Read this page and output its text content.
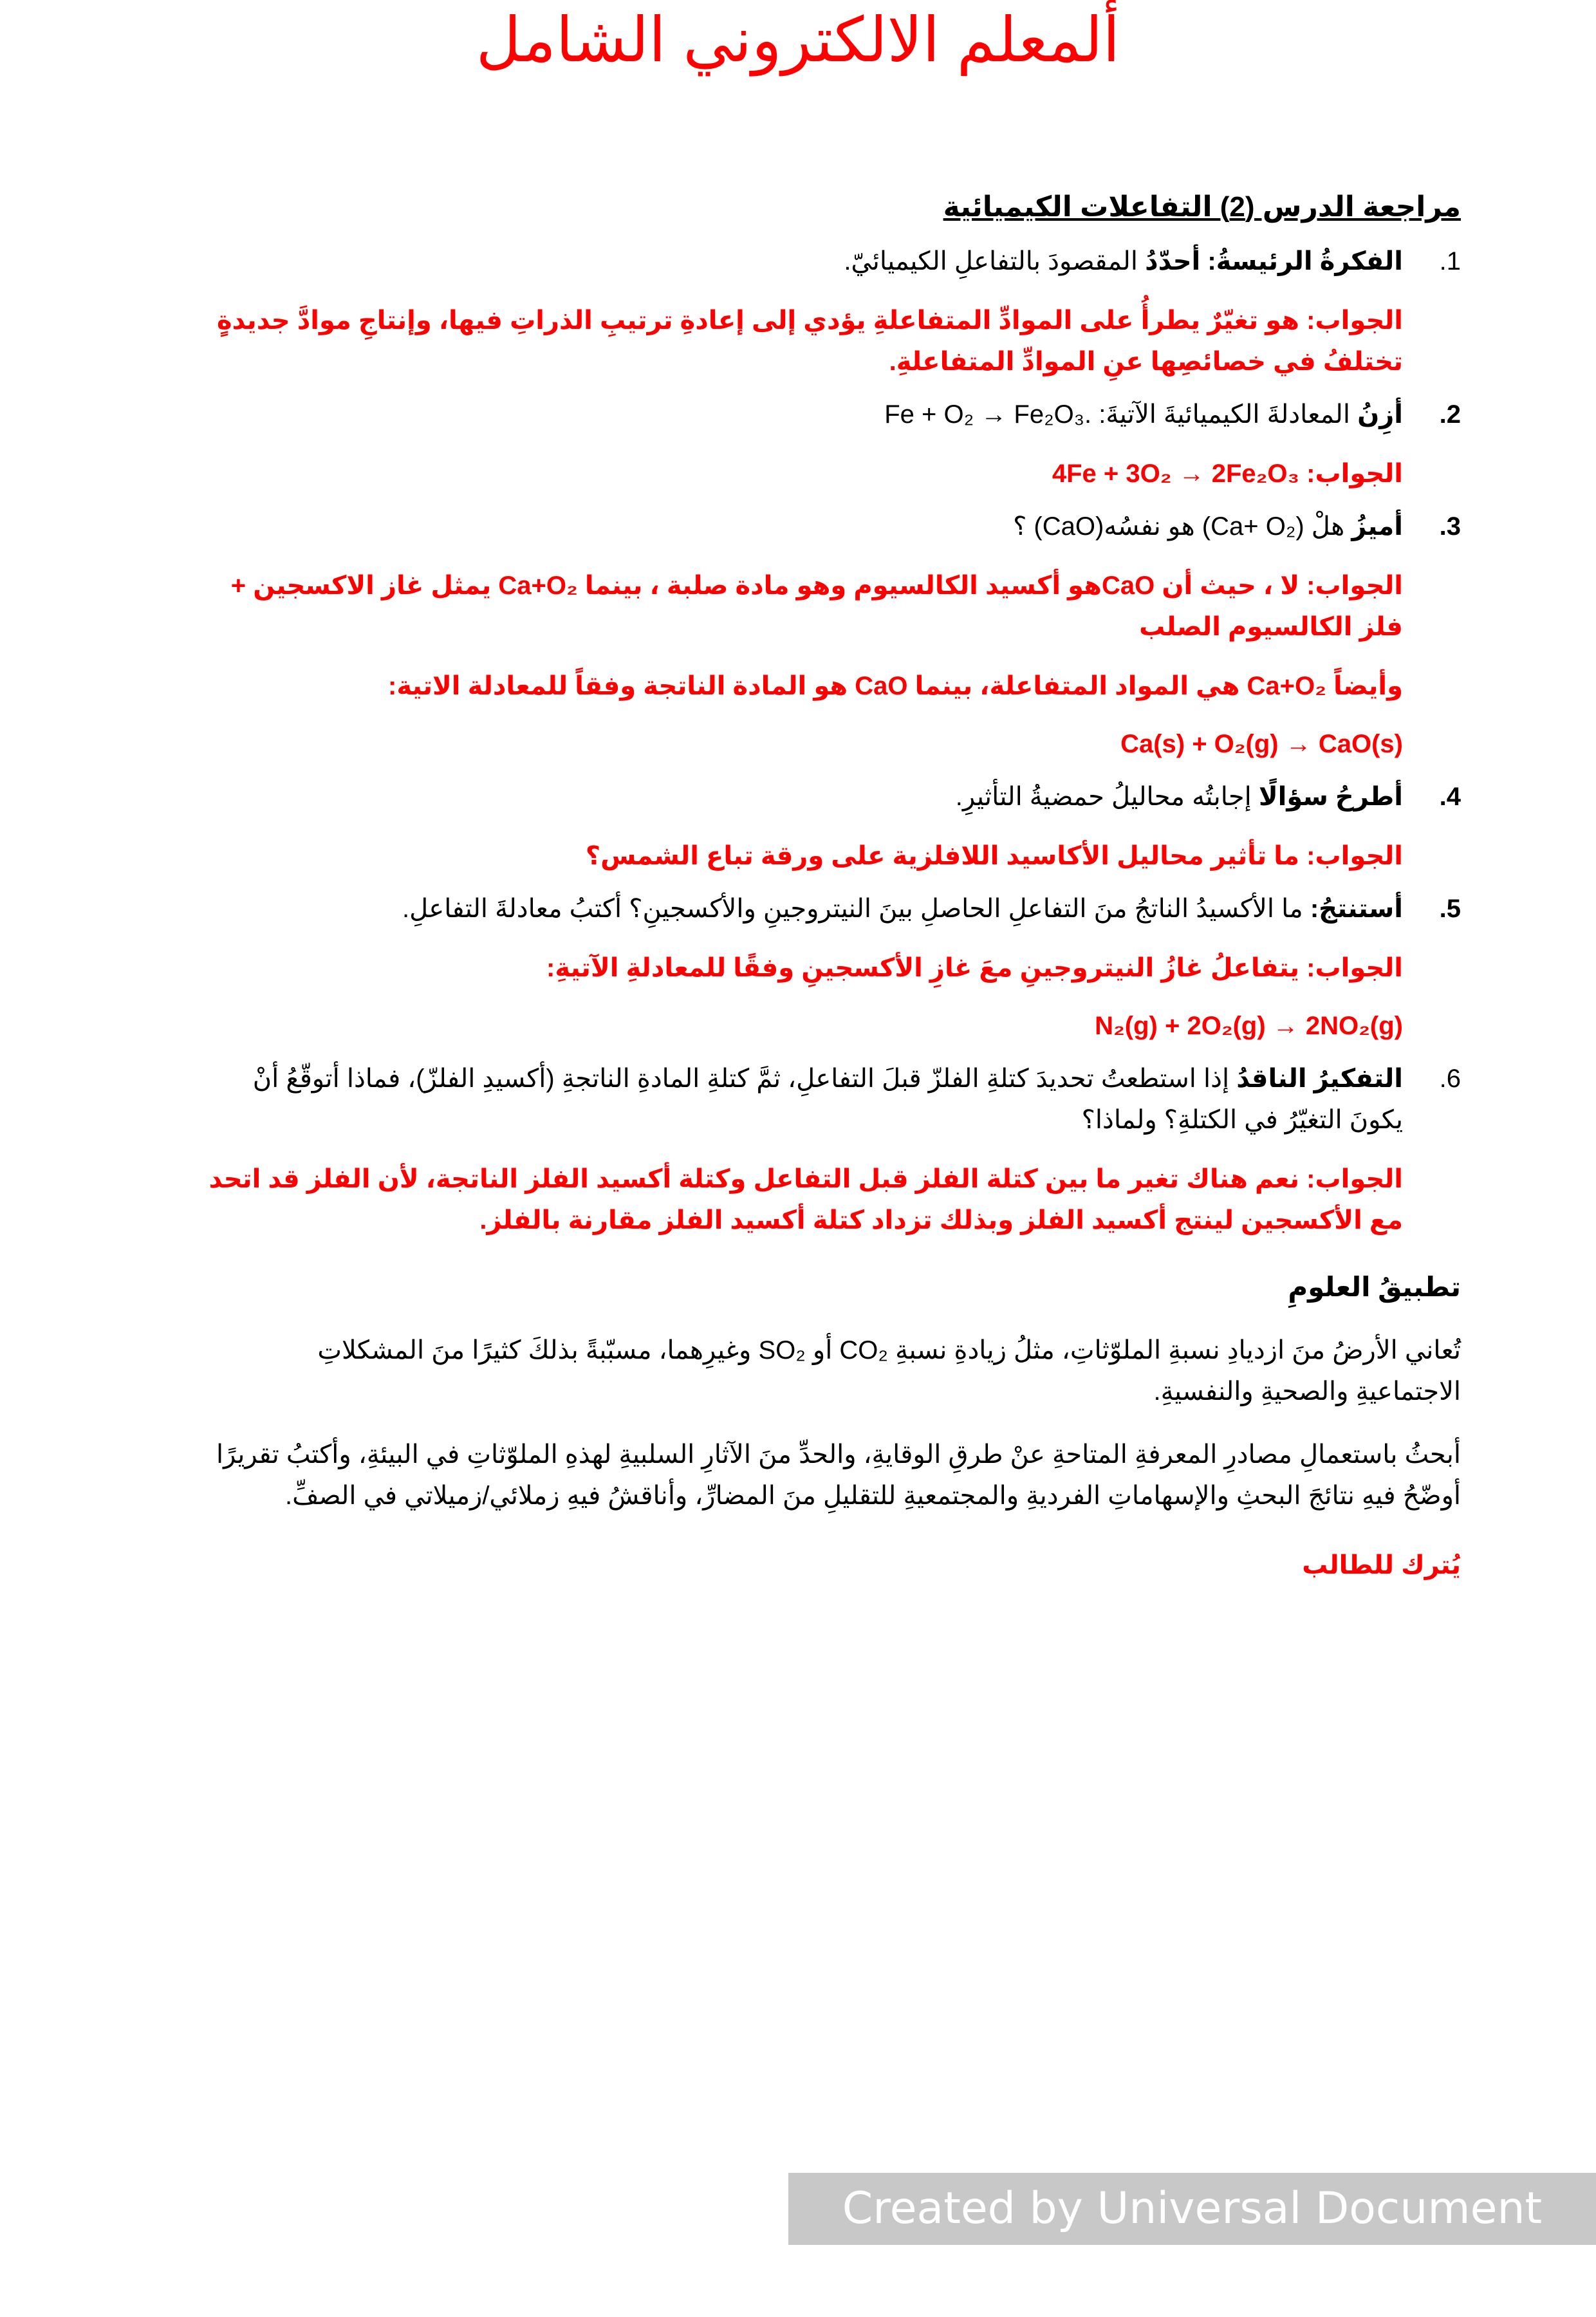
ألمعلم الالكتروني الشامل
مراجعة الدرس (2) التفاعلات الكيميائية
.1
الفكرةُ الرئيسةُ: أحدّدُ المقصودَ بالتفاعلِ الكيميائيّ.
الجواب: هو تغيّرٌ يطرأُ على الموادِّ المتفاعلةِ يؤدي إلى إعادةِ ترتيبِ الذراتِ فيها، وإنتاجِ موادَّ جديدةٍ تختلفُ في خصائصِها عنِ الموادِّ المتفاعلةِ.
.2
أزِنُ المعادلةَ الكيميائيةَ الآتيةَ: Fe + O₂ → Fe₂O₃.
الجواب: 4Fe + 3O₂ → 2Fe₂O₃
.3
أميزُ هلْ (Ca+ O₂) هو نفسُه(CaO) ؟
الجواب: لا ، حيث أن CaOهو أكسيد الكالسيوم وهو مادة صلبة ، بينما Ca+O₂ يمثل غاز الاكسجين + فلز الكالسيوم الصلب
وأيضاً Ca+O₂ هي المواد المتفاعلة، بينما CaO هو المادة الناتجة وفقاً للمعادلة الاتية:
Ca(s) + O₂(g) → CaO(s)
.4
أطرحُ سؤالًا إجابتُه محاليلُ حمضيةُ التأثيرِ.
الجواب: ما تأثير محاليل الأكاسيد اللافلزية على ورقة تباع الشمس؟
.5
أستنتجُ: ما الأكسيدُ الناتجُ منَ التفاعلِ الحاصلِ بينَ النيتروجينِ والأكسجينِ؟ أكتبُ معادلةَ التفاعلِ.
الجواب: يتفاعلُ غازُ النيتروجينِ معَ غازِ الأكسجينِ وفقًا للمعادلةِ الآتيةِ:
N₂(g) + 2O₂(g) → 2NO₂(g)
.6
التفكيرُ الناقدُ إذا استطعتُ تحديدَ كتلةِ الفلزّ قبلَ التفاعلِ، ثمَّ كتلةِ المادةِ الناتجةِ (أكسيدِ الفلزّ)، فماذا أتوقّعُ أنْ يكونَ التغيّرُ في الكتلةِ؟ ولماذا؟
الجواب: نعم هناك تغير ما بين كتلة الفلز قبل التفاعل وكتلة أكسيد الفلز الناتجة، لأن الفلز قد اتحد مع الأكسجين لينتج أكسيد الفلز وبذلك تزداد كتلة أكسيد الفلز مقارنة بالفلز.
تطبيقُ العلومِ
تُعاني الأرضُ منَ ازديادِ نسبةِ الملوّثاتِ، مثلُ زيادةِ نسبةِ CO₂ أو SO₂ وغيرِهما، مسبّبةً بذلكَ كثيرًا منَ المشكلاتِ الاجتماعيةِ والصحيةِ والنفسيةِ.
أبحثُ باستعمالِ مصادرِ المعرفةِ المتاحةِ عنْ طرقِ الوقايةِ، والحدِّ منَ الآثارِ السلبيةِ لهذهِ الملوّثاتِ في البيئةِ، وأكتبُ تقريرًا أوضّحُ فيهِ نتائجَ البحثِ والإسهاماتِ الفرديةِ والمجتمعيةِ للتقليلِ منَ المضارِّ، وأناقشُ فيهِ زملائي/زميلاتي في الصفِّ.
يُترك للطالب
Created by Universal Document Converter
